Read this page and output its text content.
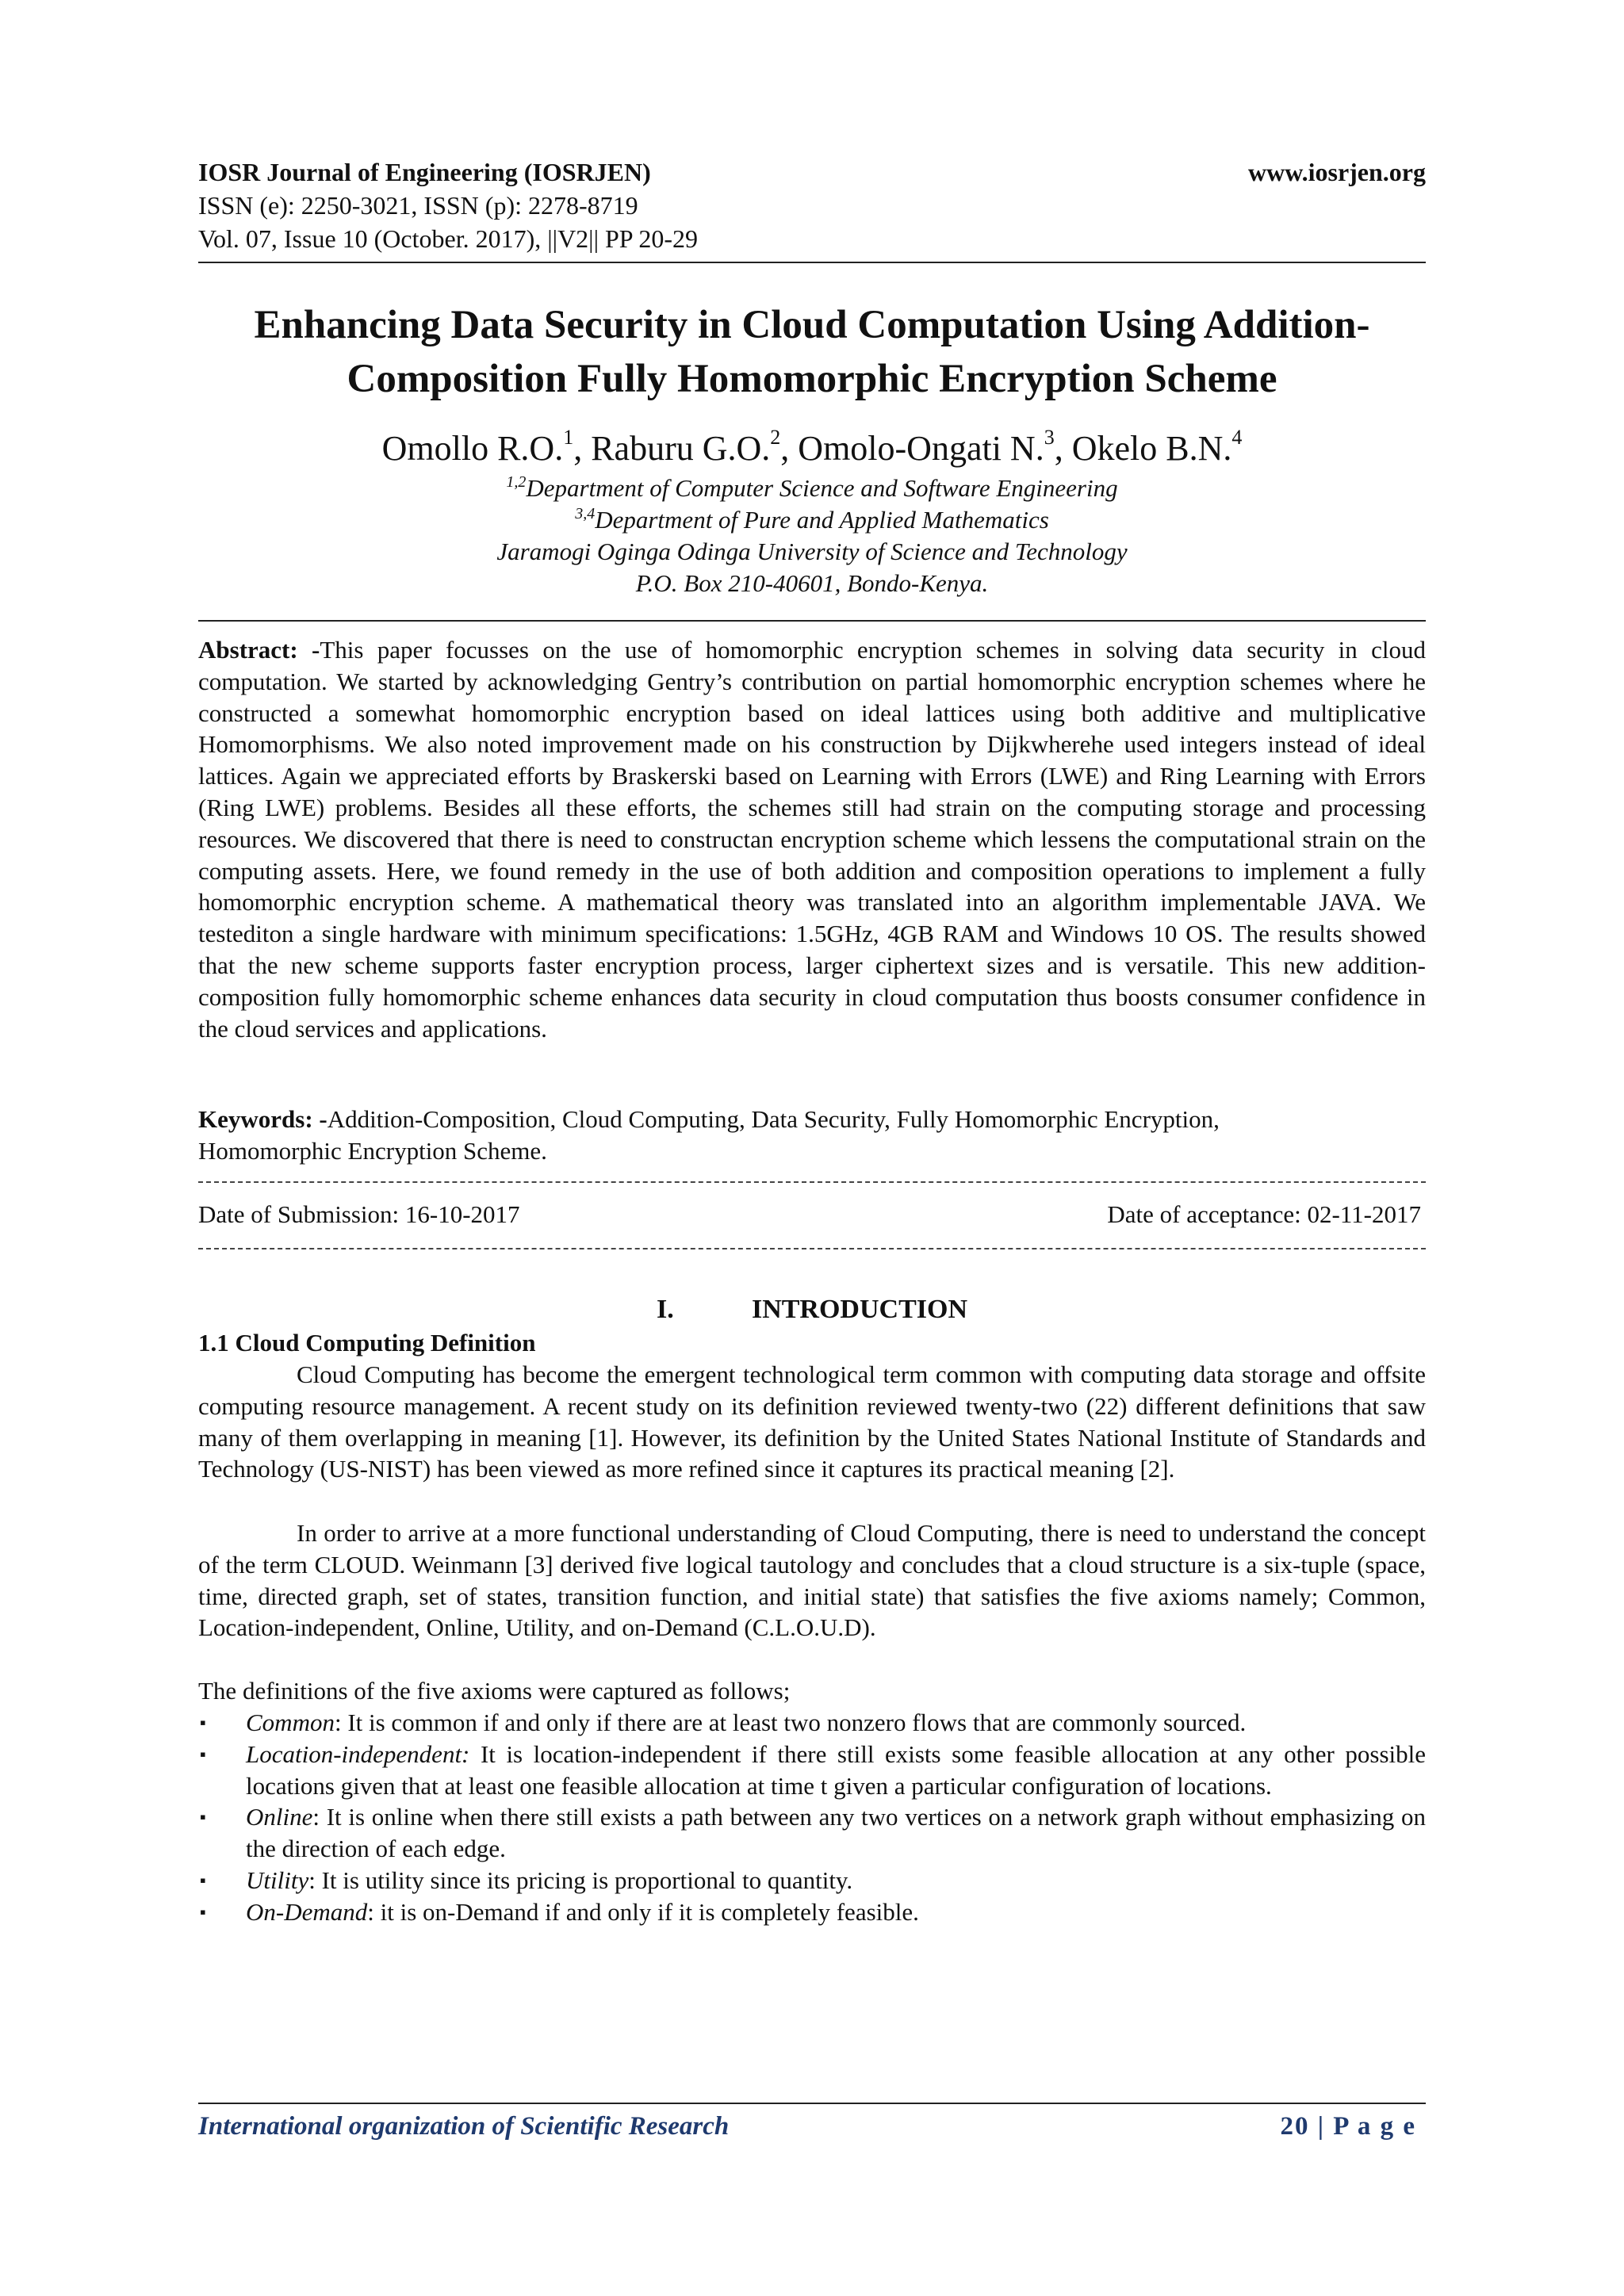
IOSR Journal of Engineering (IOSRJEN)	www.iosrjen.org
ISSN (e): 2250-3021, ISSN (p): 2278-8719
Vol. 07, Issue 10 (October. 2017), ||V2|| PP 20-29
Enhancing Data Security in Cloud Computation Using Addition-
Composition Fully Homomorphic Encryption Scheme
Omollo R.O.$^1$, Raburu G.O.$^2$, Omolo-Ongati N.$^3$, Okelo B.N.$^4$
$^{1,2}$Department of Computer Science and Software Engineering
$^{3,4}$Department of Pure and Applied Mathematics
Jaramogi Oginga Odinga University of Science and Technology
P.O. Box 210-40601, Bondo-Kenya.
Abstract: -This paper focusses on the use of homomorphic encryption schemes in solving data security in cloud computation. We started by acknowledging Gentry’s contribution on partial homomorphic encryption schemes where he constructed a somewhat homomorphic encryption based on ideal lattices using both additive and multiplicative Homomorphisms. We also noted improvement made on his construction by Dijkwherehe used integers instead of ideal lattices. Again we appreciated efforts by Braskerski based on Learning with Errors (LWE) and Ring Learning with Errors (Ring LWE) problems. Besides all these efforts, the schemes still had strain on the computing storage and processing resources. We discovered that there is need to constructan encryption scheme which lessens the computational strain on the computing assets. Here, we found remedy in the use of both addition and composition operations to implement a fully homomorphic encryption scheme. A mathematical theory was translated into an algorithm implementable JAVA. We testediton a single hardware with minimum specifications: 1.5GHz, 4GB RAM and Windows 10 OS. The results showed that the new scheme supports faster encryption process, larger ciphertext sizes and is versatile. This new addition-composition fully homomorphic scheme enhances data security in cloud computation thus boosts consumer confidence in the cloud services and applications.
Keywords: -Addition-Composition, Cloud Computing, Data Security, Fully Homomorphic Encryption,
Homomorphic Encryption Scheme.
Date of Submission: 16-10-2017	Date of acceptance: 02-11-2017
I.	INTRODUCTION
1.1 Cloud Computing Definition
Cloud Computing has become the emergent technological term common with computing data storage and offsite computing resource management. A recent study on its definition reviewed twenty-two (22) different definitions that saw many of them overlapping in meaning [1]. However, its definition by the United States National Institute of Standards and Technology (US-NIST) has been viewed as more refined since it captures its practical meaning [2].
In order to arrive at a more functional understanding of Cloud Computing, there is need to understand the concept of the term CLOUD. Weinmann [3] derived five logical tautology and concludes that a cloud structure is a six-tuple (space, time, directed graph, set of states, transition function, and initial state) that satisfies the five axioms namely; Common, Location-independent, Online, Utility, and on-Demand (C.L.O.U.D).
The definitions of the five axioms were captured as follows;
▪ Common: It is common if and only if there are at least two nonzero flows that are commonly sourced.
▪ Location-independent: It is location-independent if there still exists some feasible allocation at any other possible locations given that at least one feasible allocation at time t given a particular configuration of locations.
▪ Online: It is online when there still exists a path between any two vertices on a network graph without emphasizing on the direction of each edge.
▪ Utility: It is utility since its pricing is proportional to quantity.
▪ On-Demand: it is on-Demand if and only if it is completely feasible.
International organization of Scientific Research	20 | P a g e
